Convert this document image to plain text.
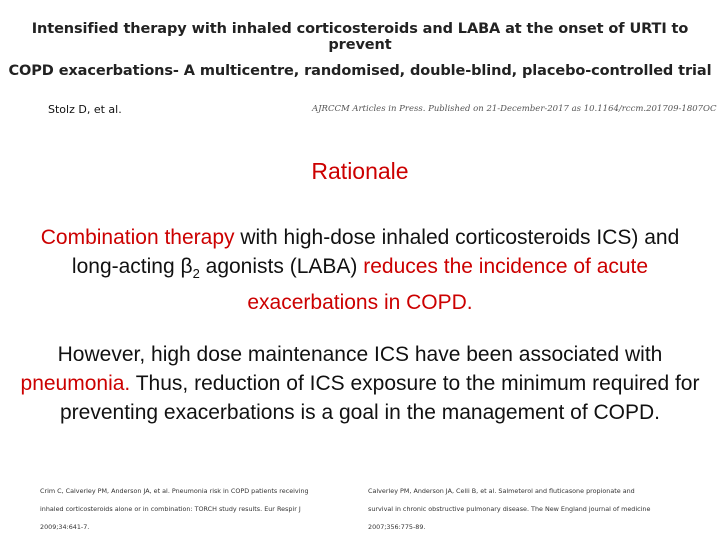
Intensified therapy with inhaled corticosteroids and LABA at the onset of URTI to prevent
COPD exacerbations- A multicentre, randomised, double-blind, placebo-controlled trial
Stolz D, et al.	AJRCCM Articles in Press. Published on 21-December-2017 as 10.1164/rccm.201709-1807OC
Rationale
Combination therapy with high-dose inhaled corticosteroids ICS) and long-acting $\beta_2$ agonists (LABA) reduces the incidence of acute exacerbations in COPD.
However, high dose maintenance ICS have been associated with pneumonia. Thus, reduction of ICS exposure to the minimum required for preventing exacerbations is a goal in the management of COPD.
Crim C, Calverley PM, Anderson JA, et al. Pneumonia risk in COPD patients receiving
inhaled corticosteroids alone or in combination: TORCH study results. Eur Respir J
2009;34:641-7.
Calverley PM, Anderson JA, Celli B, et al. Salmeterol and fluticasone propionate and
survival in chronic obstructive pulmonary disease. The New England journal of medicine
2007;356:775-89.
